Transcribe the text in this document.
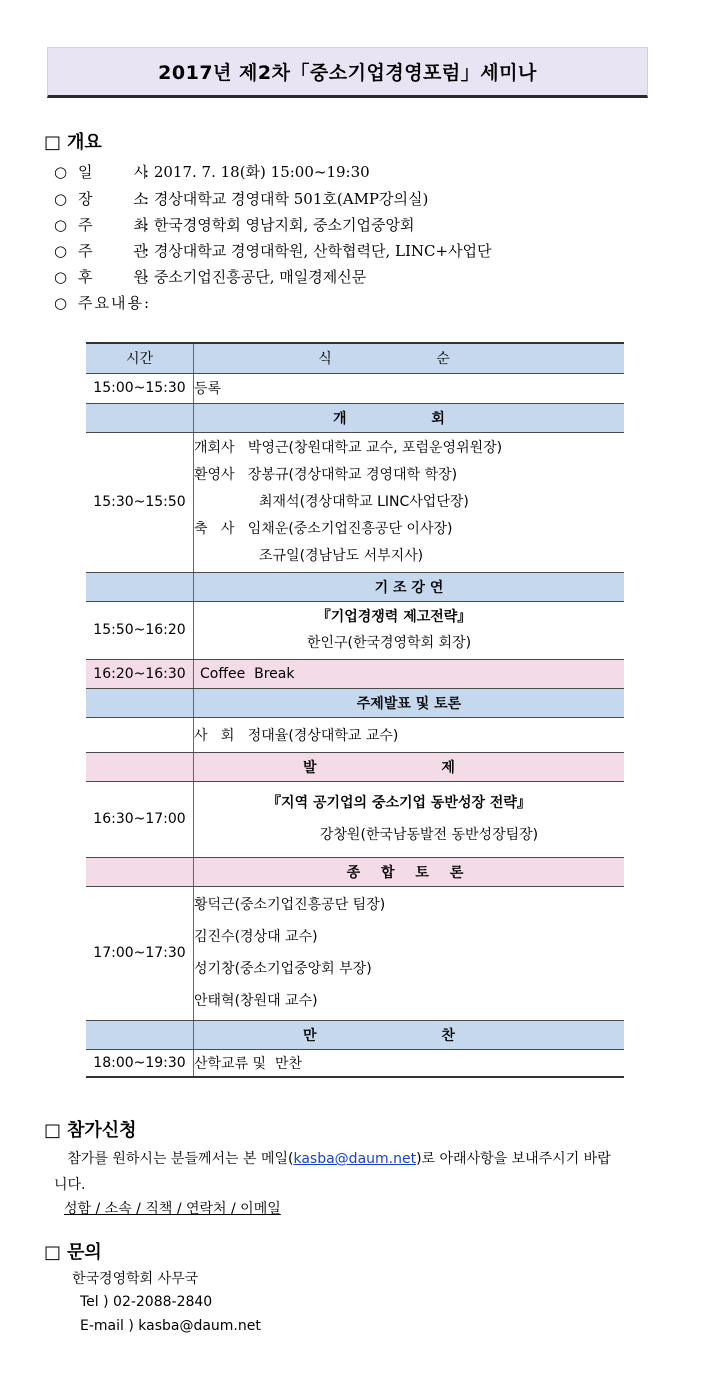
2017년 제2차「중소기업경영포럼」세미나
□ 개요
○ 일 시: 2017. 7. 18(화) 15:00~19:30
○ 장 소: 경상대학교 경영대학 501호(AMP강의실)
○ 주 최: 한국경영학회 영남지회, 중소기업중앙회
○ 주 관: 경상대학교 경영대학원, 산학협력단, LINC+사업단
○ 후 원: 중소기업진흥공단, 매일경제신문
○ 주요내용:
시간	식 순
15:00~15:30	등록
	개 회
15:30~15:50	개회사   박영근(창원대학교 교수, 포럼운영위원장)
환영사   장봉규(경상대학교 경영대학 학장)
최재석(경상대학교 LINC사업단장)
축   사   임채운(중소기업진흥공단 이사장)
조규일(경남남도 서부지사)

	기 조 강 연
15:50~16:20	『기업경쟁력 제고전략』
한인구(한국경영학회 회장)

16:20~16:30	Coffee  Break
	주제발표 및 토론
	사   회   정대율(경상대학교 교수)
	발 제
16:30~17:00	『지역 공기업의 중소기업 동반성장 전략』
강창원(한국남동발전 동반성장팀장)

	종 합 토 론
17:00~17:30	황덕근(중소기업진흥공단 팀장)
김진수(경상대 교수)
성기창(중소기업중앙회 부장)
안태혁(창원대 교수)

	만 찬
18:00~19:30	산학교류 및  만찬
□ 참가신청
참가를 원하시는 분들께서는 본 메일(kasba@daum.net)로 아래사항을 보내주시기 바랍니다.
성함 / 소속 / 직책 / 연락처 / 이메일
□ 문의
한국경영학회 사무국
Tel ) 02-2088-2840
E-mail ) kasba@daum.net
